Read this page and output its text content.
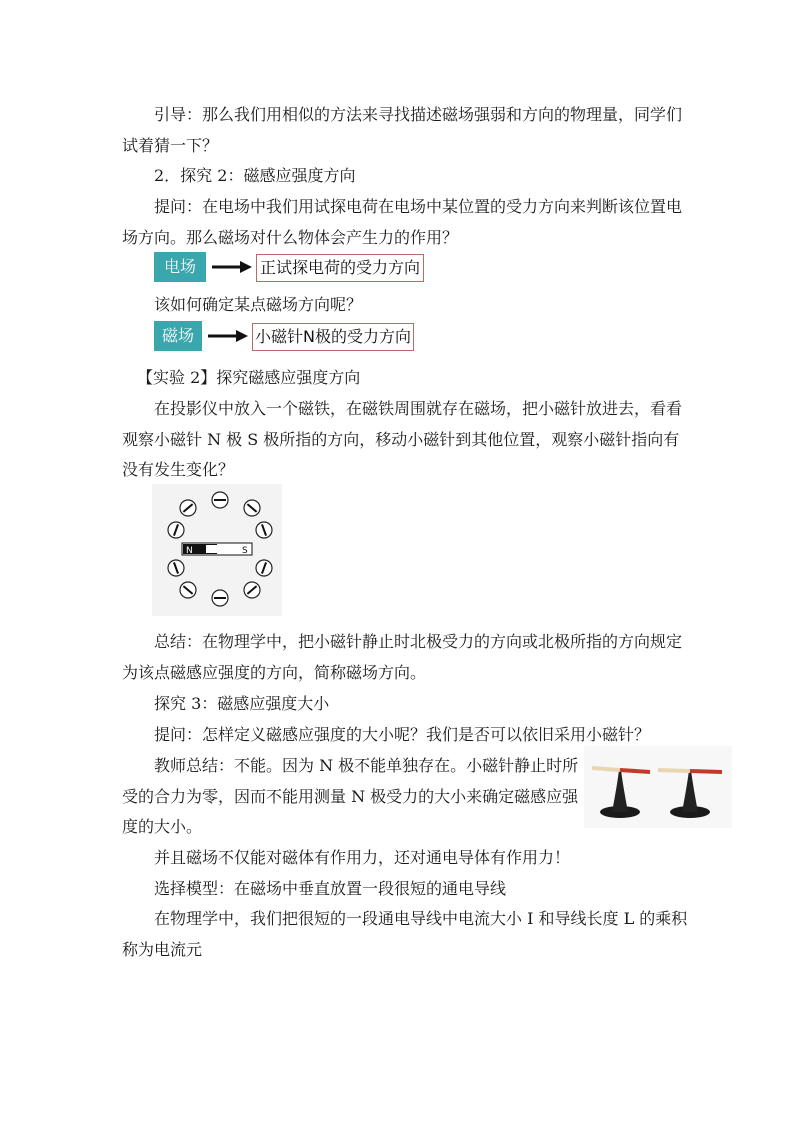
引导：那么我们用相似的方法来寻找描述磁场强弱和方向的物理量，同学们
试着猜一下？
2．探究 2：磁感应强度方向
提问：在电场中我们用试探电荷在电场中某位置的受力方向来判断该位置电
场方向。那么磁场对什么物体会产生力的作用？
电场	正试探电荷的受力方向
该如何确定某点磁场方向呢？
磁场	小磁针N极的受力方向
【实验 2】探究磁感应强度方向
在投影仪中放入一个磁铁，在磁铁周围就存在磁场，把小磁针放进去，看看
观察小磁针 N 极 S 极所指的方向，移动小磁针到其他位置，观察小磁针指向有
没有发生变化？
N	S
总结：在物理学中，把小磁针静止时北极受力的方向或北极所指的方向规定
为该点磁感应强度的方向，简称磁场方向。
探究 3：磁感应强度大小
提问：怎样定义磁感应强度的大小呢？我们是否可以依旧采用小磁针？
教师总结：不能。因为 N 极不能单独存在。小磁针静止时所
受的合力为零，因而不能用测量 N 极受力的大小来确定磁感应强
度的大小。
并且磁场不仅能对磁体有作用力，还对通电导体有作用力！
选择模型：在磁场中垂直放置一段很短的通电导线
在物理学中，我们把很短的一段通电导线中电流大小 I 和导线长度 L 的乘积
称为电流元
